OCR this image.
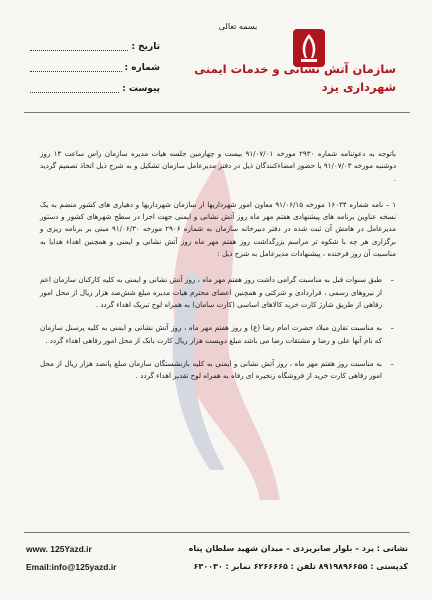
بسمه تعالی
سازمان آتش نشانی و خدمات ایمنی
شهرداری یزد
تاریخ :
شماره :
پیوست :

باتوجه به دعوتنامه شماره ۲۹۳۰ مورخه ۹۱/۰۷/۰۱ بیست و چهارمین جلسه هیات مدیره سازمان راس ساعت ۱۴ روز دوشنبه مورخه ۹۱/۰۷/۰۳ با حضور امضاءکنندگان ذیل در دفتر مدیرعامل سازمان تشکیل و به شرح ذیل اتخاذ تصمیم گردید .

۱ – نامه شماره ۱۶۰۳۴ مورخه ۹۱/۰۶/۱۵ معاون امور شهرداریها از سازمان شهرداریها و دهیاری های کشور منضم به یک نسخه عناوین برنامه های پیشنهادی هفتم مهر ماه روز آتش نشانی و ایمنی جهت اجرا در سطح شهرهای کشور و دستور مدیرعامل در هامش آن ثبت شده در دفتر دبیرخانه سازمان به شماره ۲۹۰۶ مورخه ۹۱/۰۶/۳۰ مبنی بر برنامه ریزی و برگزاری هر چه با شکوه تر مراسم بزرگداشت روز هفتم مهر ماه روز آتش نشانی و ایمنی و همچنین اهداء هدایا به مناسبت آن روز فرخنده ، پیشنهادات مدیرعامل به شرح ذیل :

–
طبق سنوات قبل به مناسبت گرامی داشت روز هفتم مهر ماه ، روز آتش نشانی و ایمنی به کلیه کارکنان سازمان اعم از نیروهای رسمی ، قراردادی و شرکتی و همچنین اعضای محترم هیات مدیره مبلغ شش‌صد هزار ریال از محل امور رفاهی از طریق شارژ کارت خرید کالاهای اساسی (کارت سامان) به همراه لوح تبریک اهداء گردد .
–
به مناسبت تقارن میلاد حضرت امام رضا (ع) و روز هفتم مهر ماه ، روز آتش نشانی و ایمنی به کلیه پرسنل سازمان که نام آنها علی و رضا و مشتقات رضا می باشد مبلغ دویست هزار ریال کارت بانک از محل امور رفاهی اهداء گردد .
–
به مناسبت روز هفتم مهر ماه ، روز آتش نشانی و ایمنی به کلیه بازنشستگان سازمان مبلغ پانصد هزار ریال از محل امور رفاهی کارت خرید از فروشگاه زنجیره ای رفاه به همراه لوح تقدیر اهداء گردد .
نشانی : یزد – بلوار صابریزدی – میدان شهید سلطان پناه
کدپستی : ۸۹۱۹۸۹۶۶۵۵ تلفن : ۶۲۶۶۶۶۵ نمابر : ۶۳۰۰۳۰
www. 125Yazd.ir
Email:info@125yazd.ir
